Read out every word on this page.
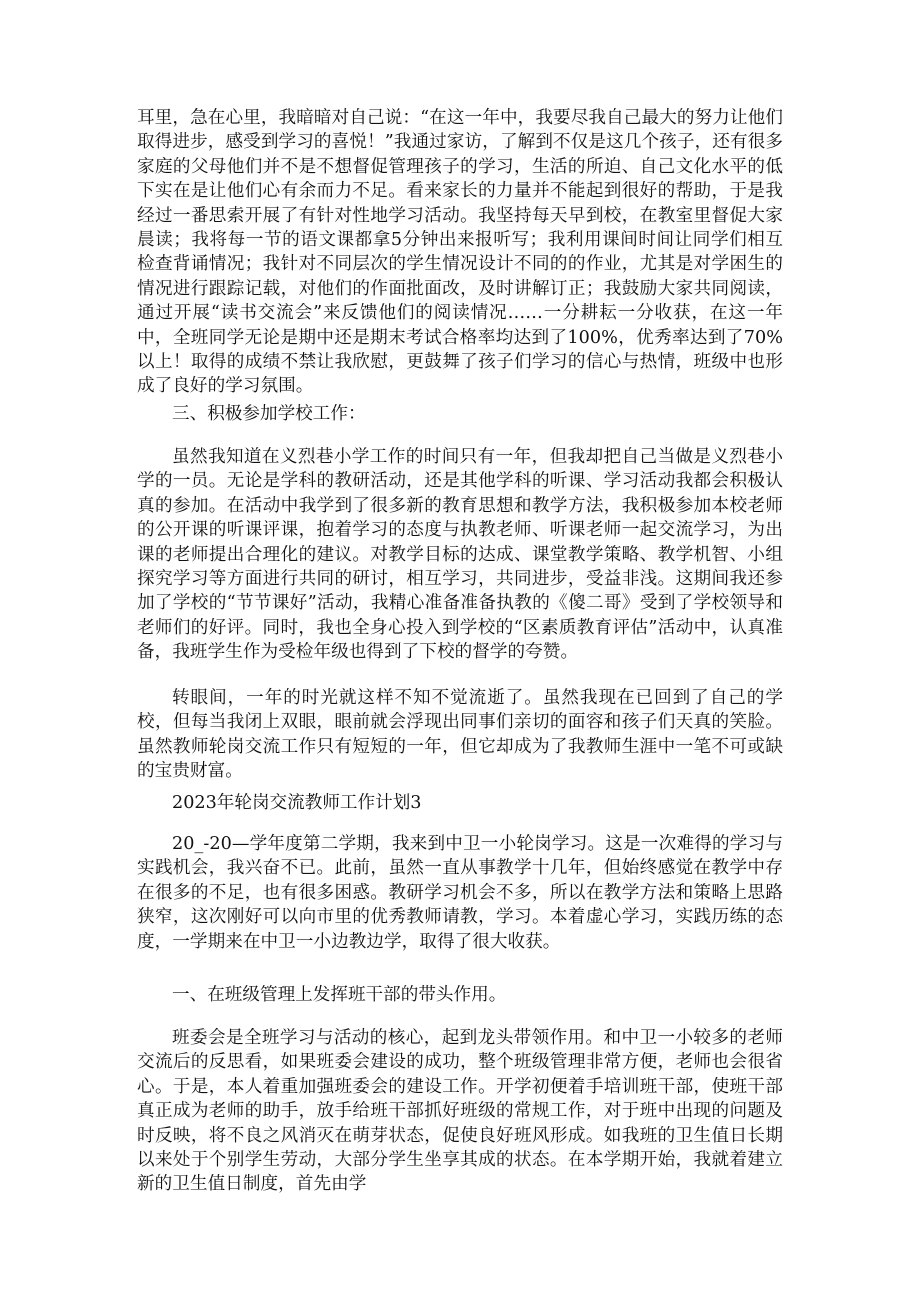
耳里，急在心里，我暗暗对自己说：“在这一年中，我要尽我自己最大的努力让他们取得进步，感受到学习的喜悦！”我通过家访，了解到不仅是这几个孩子，还有很多家庭的父母他们并不是不想督促管理孩子的学习，生活的所迫、自己文化水平的低下实在是让他们心有余而力不足。看来家长的力量并不能起到很好的帮助，于是我经过一番思索开展了有针对性地学习活动。我坚持每天早到校，在教室里督促大家晨读；我将每一节的语文课都拿5分钟出来报听写；我利用课间时间让同学们相互检查背诵情况；我针对不同层次的学生情况设计不同的的作业，尤其是对学困生的情况进行跟踪记载，对他们的作面批面改，及时讲解订正；我鼓励大家共同阅读，通过开展“读书交流会”来反馈他们的阅读情况……一分耕耘一分收获，在这一年中，全班同学无论是期中还是期末考试合格率均达到了100%，优秀率达到了70%以上！取得的成绩不禁让我欣慰，更鼓舞了孩子们学习的信心与热情，班级中也形成了良好的学习氛围。

三、积极参加学校工作：

虽然我知道在义烈巷小学工作的时间只有一年，但我却把自己当做是义烈巷小学的一员。无论是学科的教研活动，还是其他学科的听课、学习活动我都会积极认真的参加。在活动中我学到了很多新的教育思想和教学方法，我积极参加本校老师的公开课的听课评课，抱着学习的态度与执教老师、听课老师一起交流学习，为出课的老师提出合理化的建议。对教学目标的达成、课堂教学策略、教学机智、小组探究学习等方面进行共同的研讨，相互学习，共同进步，受益非浅。这期间我还参加了学校的“节节课好”活动，我精心准备准备执教的《傻二哥》受到了学校领导和老师们的好评。同时，我也全身心投入到学校的“区素质教育评估”活动中，认真准备，我班学生作为受检年级也得到了下校的督学的夸赞。

转眼间，一年的时光就这样不知不觉流逝了。虽然我现在已回到了自己的学校，但每当我闭上双眼，眼前就会浮现出同事们亲切的面容和孩子们天真的笑脸。虽然教师轮岗交流工作只有短短的一年，但它却成为了我教师生涯中一笔不可或缺的宝贵财富。

2023年轮岗交流教师工作计划3

20_-20—学年度第二学期，我来到中卫一小轮岗学习。这是一次难得的学习与实践机会，我兴奋不已。此前，虽然一直从事教学十几年，但始终感觉在教学中存在很多的不足，也有很多困惑。教研学习机会不多，所以在教学方法和策略上思路狭窄，这次刚好可以向市里的优秀教师请教，学习。本着虚心学习，实践历练的态度，一学期来在中卫一小边教边学，取得了很大收获。

一、在班级管理上发挥班干部的带头作用。

班委会是全班学习与活动的核心，起到龙头带领作用。和中卫一小较多的老师交流后的反思看，如果班委会建设的成功，整个班级管理非常方便，老师也会很省心。于是，本人着重加强班委会的建设工作。开学初便着手培训班干部，使班干部真正成为老师的助手，放手给班干部抓好班级的常规工作，对于班中出现的问题及时反映，将不良之风消灭在萌芽状态，促使良好班风形成。如我班的卫生值日长期以来处于个别学生劳动，大部分学生坐享其成的状态。在本学期开始，我就着建立新的卫生值日制度，首先由学
